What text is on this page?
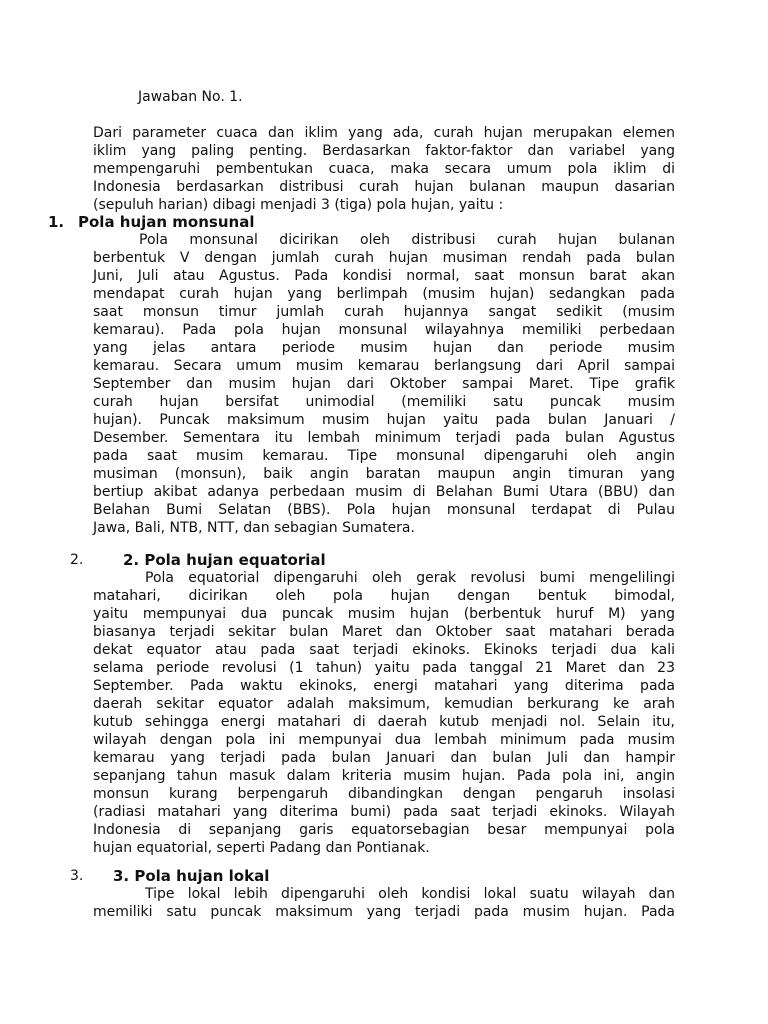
Jawaban No. 1.
Dari parameter cuaca dan iklim yang ada, curah hujan merupakan elemen
iklim yang paling penting. Berdasarkan faktor-faktor dan variabel yang
mempengaruhi pembentukan cuaca, maka secara umum pola iklim di
Indonesia berdasarkan distribusi curah hujan bulanan maupun dasarian
(sepuluh harian) dibagi menjadi 3 (tiga) pola hujan, yaitu :
1. Pola hujan monsunal
Pola monsunal dicirikan oleh distribusi curah hujan bulanan
berbentuk V dengan jumlah curah hujan musiman rendah pada bulan
Juni, Juli atau Agustus. Pada kondisi normal, saat monsun barat akan
mendapat curah hujan yang berlimpah (musim hujan) sedangkan pada
saat monsun timur jumlah curah hujannya sangat sedikit (musim
kemarau). Pada pola hujan monsunal wilayahnya memiliki perbedaan
yang jelas antara periode musim hujan dan periode musim
kemarau. Secara umum musim kemarau berlangsung dari April sampai
September dan musim hujan dari Oktober sampai Maret. Tipe grafik
curah hujan bersifat unimodial (memiliki satu puncak musim
hujan). Puncak maksimum musim hujan yaitu pada bulan Januari /
Desember. Sementara itu lembah minimum terjadi pada bulan Agustus
pada saat musim kemarau. Tipe monsunal dipengaruhi oleh angin
musiman (monsun), baik angin baratan maupun angin timuran yang
bertiup akibat adanya perbedaan musim di Belahan Bumi Utara (BBU) dan
Belahan Bumi Selatan (BBS). Pola hujan monsunal terdapat di Pulau
Jawa, Bali, NTB, NTT, dan sebagian Sumatera.
2.	2. Pola hujan equatorial
Pola equatorial dipengaruhi oleh gerak revolusi bumi mengelilingi
matahari, dicirikan oleh pola hujan dengan bentuk bimodal,
yaitu mempunyai dua puncak musim hujan (berbentuk huruf M) yang
biasanya terjadi sekitar bulan Maret dan Oktober saat matahari berada
dekat equator atau pada saat terjadi ekinoks. Ekinoks terjadi dua kali
selama periode revolusi (1 tahun) yaitu pada tanggal 21 Maret dan 23
September. Pada waktu ekinoks, energi matahari yang diterima pada
daerah sekitar equator adalah maksimum, kemudian berkurang ke arah
kutub sehingga energi matahari di daerah kutub menjadi nol. Selain itu,
wilayah dengan pola ini mempunyai dua lembah minimum pada musim
kemarau yang terjadi pada bulan Januari dan bulan Juli dan hampir
sepanjang tahun masuk dalam kriteria musim hujan. Pada pola ini, angin
monsun kurang berpengaruh dibandingkan dengan pengaruh insolasi
(radiasi matahari yang diterima bumi) pada saat terjadi ekinoks. Wilayah
Indonesia di sepanjang garis equatorsebagian besar mempunyai pola
hujan equatorial, seperti Padang dan Pontianak.
3. 3. Pola hujan lokal
Tipe lokal lebih dipengaruhi oleh kondisi lokal suatu wilayah dan
memiliki satu puncak maksimum yang terjadi pada musim hujan. Pada
